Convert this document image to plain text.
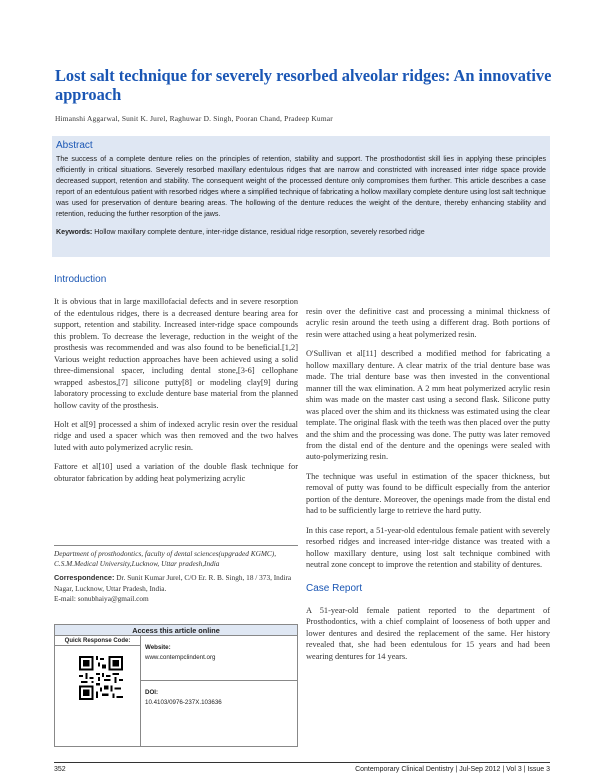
Lost salt technique for severely resorbed alveolar ridges: An innovative approach
Himanshi Aggarwal, Sunit K. Jurel, Raghuwar D. Singh, Pooran Chand, Pradeep Kumar
Abstract
The success of a complete denture relies on the principles of retention, stability and support. The prosthodontist skill lies in applying these principles efficiently in critical situations. Severely resorbed maxillary edentulous ridges that are narrow and constricted with increased inter ridge space provide decreased support, retention and stability. The consequent weight of the processed denture only compromises them further. This article describes a case report of an edentulous patient with resorbed ridges where a simplified technique of fabricating a hollow maxillary complete denture using lost salt technique was used for preservation of denture bearing areas. The hollowing of the denture reduces the weight of the denture, thereby enhancing stability and retention, reducing the further resorption of the jaws.
Keywords: Hollow maxillary complete denture, inter-ridge distance, residual ridge resorption, severely resorbed ridge
Introduction

It is obvious that in large maxillofacial defects and in severe resorption of the edentulous ridges, there is a decreased denture bearing area for support, retention and stability. Increased inter-ridge space compounds this problem. To decrease the leverage, reduction in the weight of the prosthesis was recommended and was also found to be beneficial.[1,2] Various weight reduction approaches have been achieved using a solid three-dimensional spacer, including dental stone,[3-6] cellophane wrapped asbestos,[7] silicone putty[8] or modeling clay[9] during laboratory processing to exclude denture base material from the planned hollow cavity of the prosthesis.

Holt et al[9] processed a shim of indexed acrylic resin over the residual ridge and used a spacer which was then removed and the two halves luted with auto polymerized acrylic resin.

Fattore et al[10] used a variation of the double flask technique for obturator fabrication by adding heat polymerizing acrylic

resin over the definitive cast and processing a minimal thickness of acrylic resin around the teeth using a different drag. Both portions of resin were attached using a heat polymerized resin.

O'Sullivan et al[11] described a modified method for fabricating a hollow maxillary denture. A clear matrix of the trial denture base was made. The trial denture base was then invested in the conventional manner till the wax elimination. A 2 mm heat polymerized acrylic resin shim was made on the master cast using a second flask. Silicone putty was placed over the shim and its thickness was estimated using the clear template. The original flask with the teeth was then placed over the putty and the shim and the processing was done. The putty was later removed from the distal end of the denture and the openings were sealed with auto-polymerizing resin.

The technique was useful in estimation of the spacer thickness, but removal of putty was found to be difficult especially from the anterior portion of the denture. Moreover, the openings made from the distal end had to be sufficiently large to retrieve the hard putty.

In this case report, a 51-year-old edentulous female patient with severely resorbed ridges and increased inter-ridge distance was treated with a hollow maxillary denture, using lost salt technique combined with neutral zone concept to improve the retention and stability of dentures.

Case Report

A 51-year-old female patient reported to the department of Prosthodontics, with a chief complaint of looseness of both upper and lower dentures and desired the replacement of the same. Her history revealed that, she had been edentulous for 15 years and had been wearing dentures for 14 years.

Department of prosthodontics, faculty of dental sciences(upgraded KGMC), C.S.M.Medical University,Lucknow, Uttar pradesh,India
Correspondence: Dr. Sunit Kumar Jurel, C/O Er. R. B. Singh, 18 / 373, Indira Nagar, Lucknow, Uttar Pradesh, India.
E-mail: sonubhaiya@gmail.com
Access this article online
Quick Response Code:
Website:
www.contempclindent.org
DOI:
10.4103/0976-237X.103636
352	Contemporary Clinical Dentistry | Jul-Sep 2012 | Vol 3 | Issue 3
